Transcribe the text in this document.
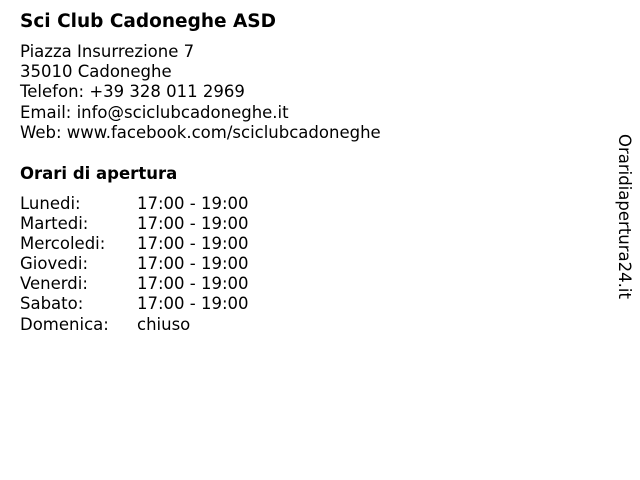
Sci Club Cadoneghe ASD
Piazza Insurrezione 7
35010 Cadoneghe
Telefon: +39 328 011 2969
Email: info@sciclubcadoneghe.it
Web: www.facebook.com/sciclubcadoneghe
Orari di apertura
Lunedi:	17:00 - 19:00
Martedi:	17:00 - 19:00
Mercoledi:	17:00 - 19:00
Giovedi:	17:00 - 19:00
Venerdi:	17:00 - 19:00
Sabato:	17:00 - 19:00
Domenica:	chiuso
Oraridiapertura24.it
